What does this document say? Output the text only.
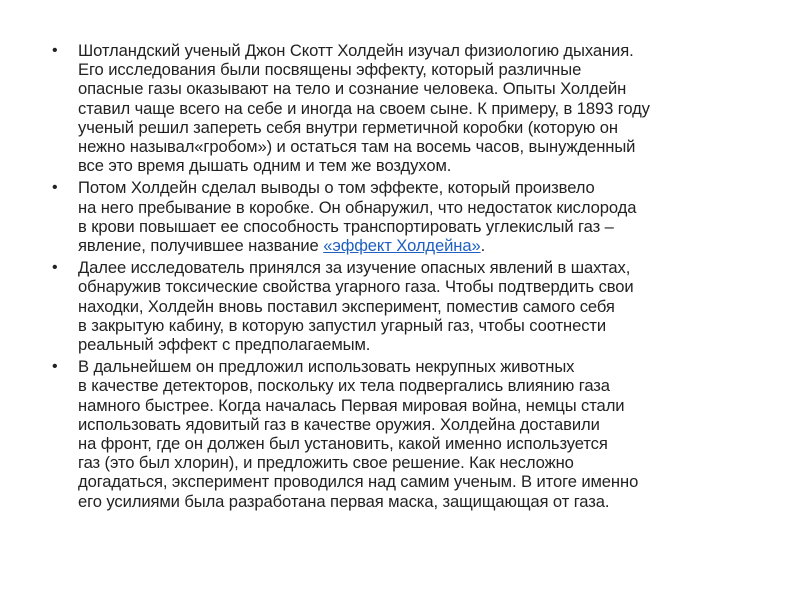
• Шотландский ученый Джон Скотт Холдейн изучал физиологию дыхания.
Его исследования были посвящены эффекту, который различные
опасные газы оказывают на тело и сознание человека. Опыты Холдейн
ставил чаще всего на себе и иногда на своем сыне. К примеру, в 1893 году
ученый решил запереть себя внутри герметичной коробки (которую он
нежно называл«гробом») и остаться там на восемь часов, вынужденный
все это время дышать одним и тем же воздухом.
• Потом Холдейн сделал выводы о том эффекте, который произвело
на него пребывание в коробке. Он обнаружил, что недостаток кислорода
в крови повышает ее способность транспортировать углекислый газ –
явление, получившее название «эффект Холдейна».
• Далее исследователь принялся за изучение опасных явлений в шахтах,
обнаружив токсические свойства угарного газа. Чтобы подтвердить свои
находки, Холдейн вновь поставил эксперимент, поместив самого себя
в закрытую кабину, в которую запустил угарный газ, чтобы соотнести
реальный эффект с предполагаемым.
• В дальнейшем он предложил использовать некрупных животных
в качестве детекторов, поскольку их тела подвергались влиянию газа
намного быстрее. Когда началась Первая мировая война, немцы стали
использовать ядовитый газ в качестве оружия. Холдейна доставили
на фронт, где он должен был установить, какой именно используется
газ (это был хлорин), и предложить свое решение. Как несложно
догадаться, эксперимент проводился над самим ученым. В итоге именно
его усилиями была разработана первая маска, защищающая от газа.
